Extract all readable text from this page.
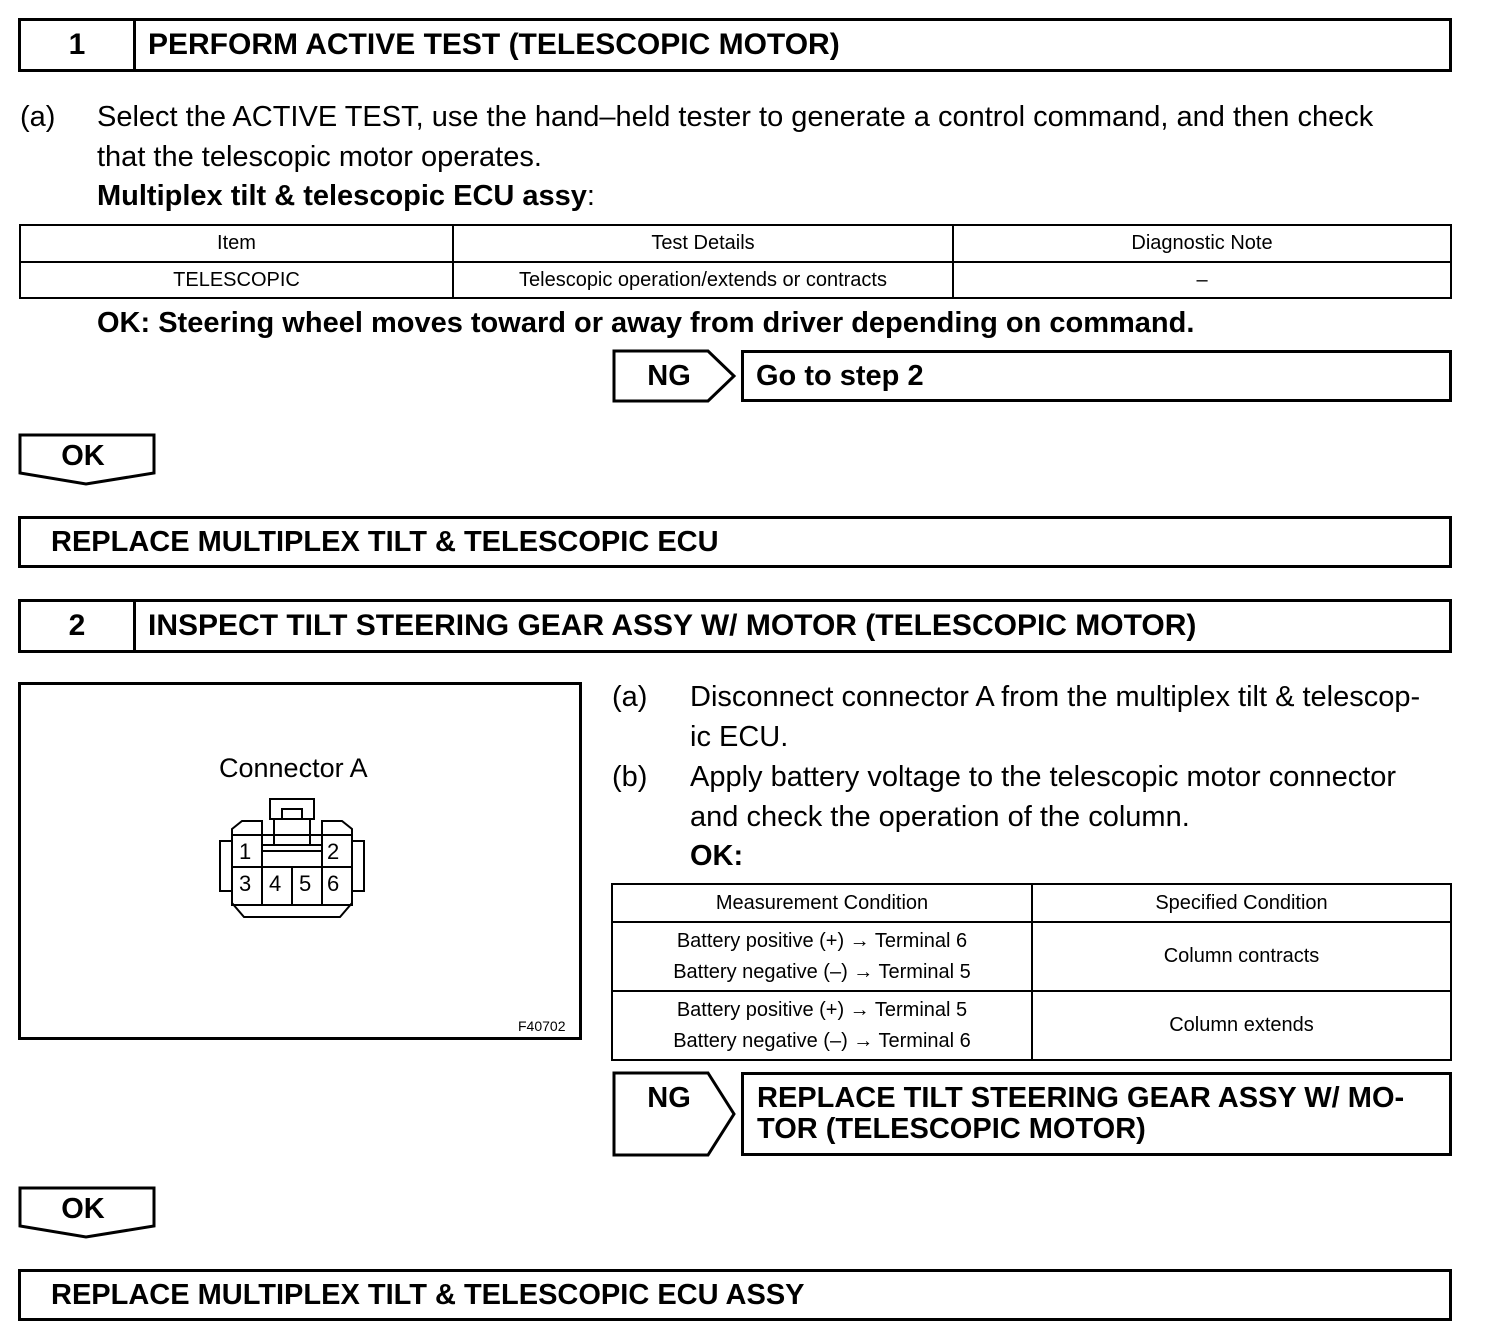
1	PERFORM ACTIVE TEST (TELESCOPIC MOTOR)
(a) Select the ACTIVE TEST, use the hand–held tester to generate a control command, and then check
that the telescopic motor operates.
Multiplex tilt & telescopic ECU assy:
Item	Test Details	Diagnostic Note
TELESCOPIC	Telescopic operation/extends or contracts	–
OK: Steering wheel moves toward or away from driver depending on command.
NG	Go to step 2
OK
REPLACE MULTIPLEX TILT & TELESCOPIC ECU
2	INSPECT TILT STEERING GEAR ASSY W/ MOTOR (TELESCOPIC MOTOR)
Connector A
1	2
3 4 5 6
F40702
(a) Disconnect connector A from the multiplex tilt & telescop-
ic ECU.
(b) Apply battery voltage to the telescopic motor connector
and check the operation of the column.
OK:
Measurement Condition	Specified Condition

Battery positive (+) → Terminal 6
Battery negative (–) → Terminal 5	Column contracts

Battery positive (+) → Terminal 5
Battery negative (–) → Terminal 6	Column extends
NG	REPLACE TILT STEERING GEAR ASSY W/ MO-
TOR (TELESCOPIC MOTOR)
OK
REPLACE MULTIPLEX TILT & TELESCOPIC ECU ASSY
